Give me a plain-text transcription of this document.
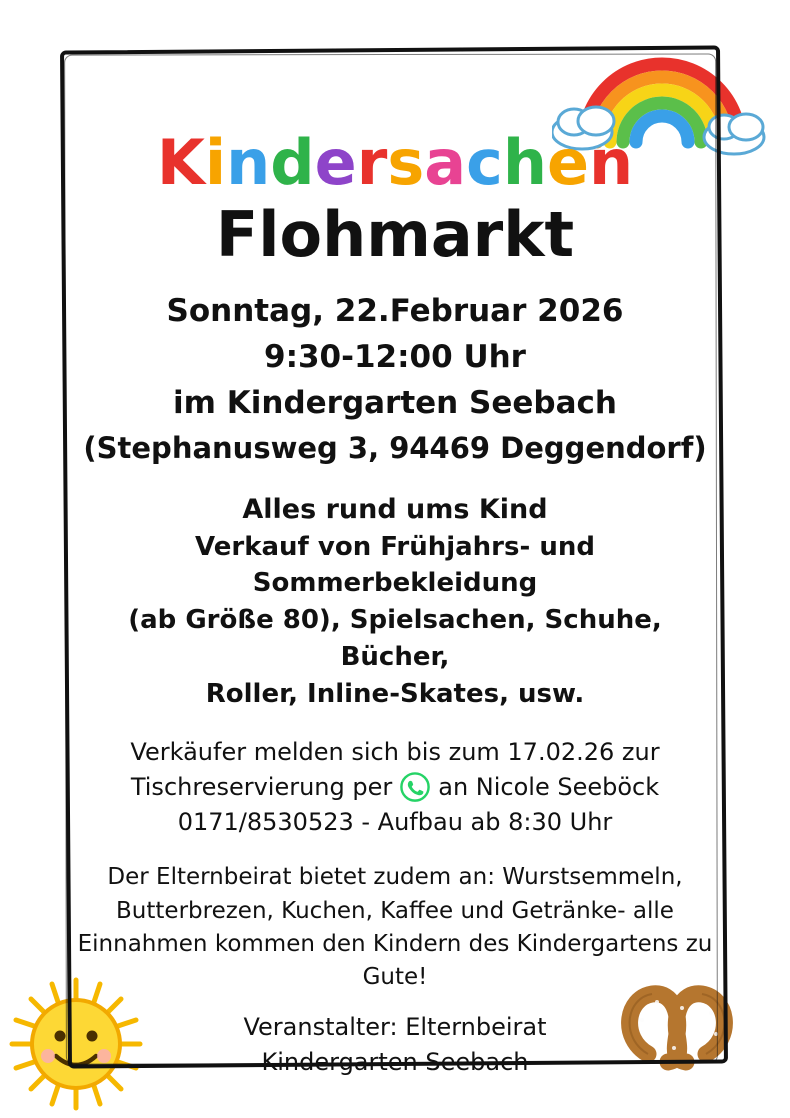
Kindersachen
Flohmarkt
Sonntag, 22.Februar 2026
9:30-12:00 Uhr
im Kindergarten Seebach
(Stephanusweg 3, 94469 Deggendorf)
Alles rund ums Kind
Verkauf von Frühjahrs- und Sommerbekleidung
(ab Größe 80), Spielsachen, Schuhe, Bücher,
Roller, Inline-Skates, usw.
Verkäufer melden sich bis zum 17.02.26 zur
Tischreservierung per an Nicole Seeböck
0171/8530523 - Aufbau ab 8:30 Uhr
Der Elternbeirat bietet zudem an: Wurstsemmeln,
Butterbrezen, Kuchen, Kaffee und Getränke- alle
Einnahmen kommen den Kindern des Kindergartens zu
Gute!
Veranstalter: Elternbeirat
Kindergarten Seebach
